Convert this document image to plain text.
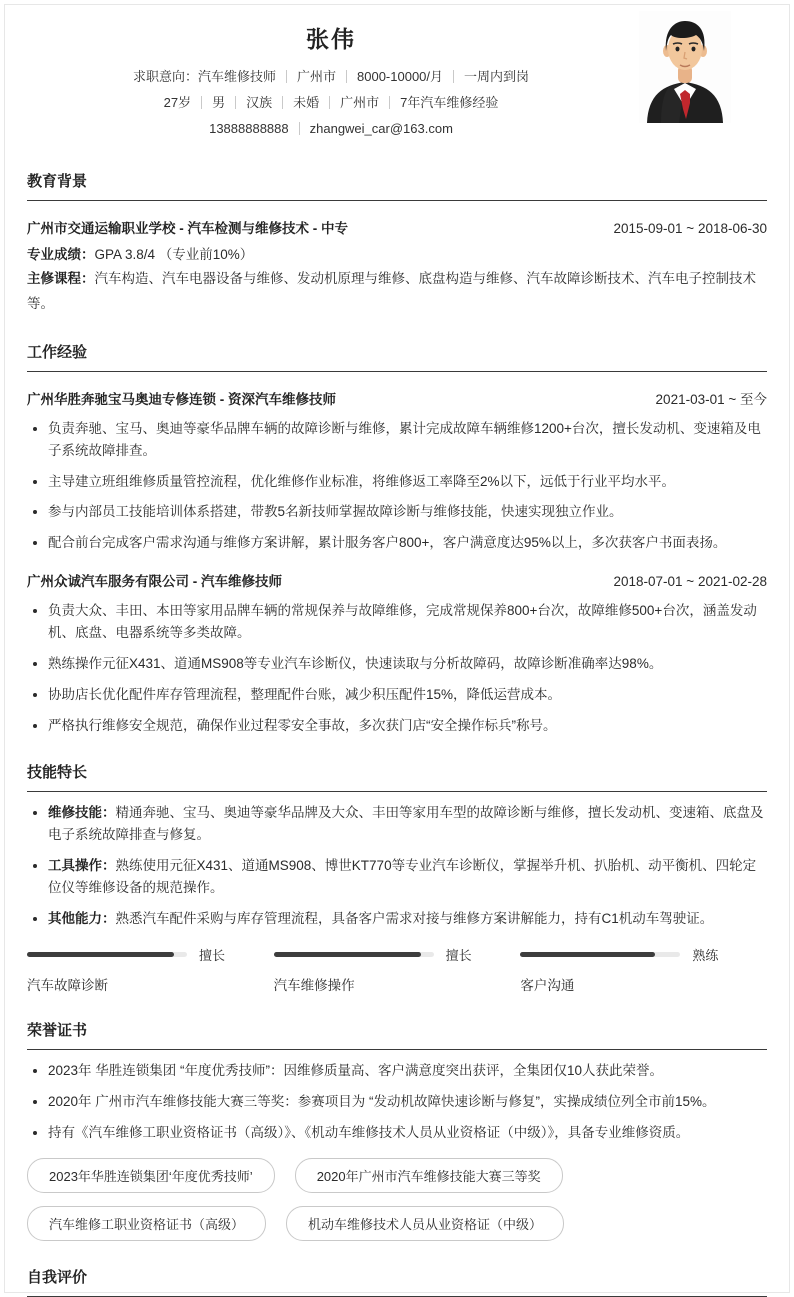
张伟
求职意向：汽车维修技师 广州市 8000-10000/月 一周内到岗
27岁 男 汉族 未婚 广州市 7年汽车维修经验
13888888888 zhangwei_car@163.com
教育背景
广州市交通运输职业学校 - 汽车检测与维修技术 - 中专	2015-09-01 ~ 2018-06-30

专业成绩：GPA 3.8/4 （专业前10%）

主修课程：汽车构造、汽车电器设备与维修、发动机原理与维修、底盘构造与维修、汽车故障诊断技术、汽车电子控制技术等。

工作经验
广州华胜奔驰宝马奥迪专修连锁 - 资深汽车维修技师	2021-03-01 ~ 至今
• 负责奔驰、宝马、奥迪等豪华品牌车辆的故障诊断与维修，累计完成故障车辆维修1200+台次，擅长发动机、变速箱及电子系统故障排查。
• 主导建立班组维修质量管控流程，优化维修作业标准，将维修返工率降至2%以下，远低于行业平均水平。
• 参与内部员工技能培训体系搭建，带教5名新技师掌握故障诊断与维修技能，快速实现独立作业。
• 配合前台完成客户需求沟通与维修方案讲解，累计服务客户800+，客户满意度达95%以上，多次获客户书面表扬。
广州众诚汽车服务有限公司 - 汽车维修技师	2018-07-01 ~ 2021-02-28
• 负责大众、丰田、本田等家用品牌车辆的常规保养与故障维修，完成常规保养800+台次，故障维修500+台次，涵盖发动机、底盘、电器系统等多类故障。
• 熟练操作元征X431、道通MS908等专业汽车诊断仪，快速读取与分析故障码，故障诊断准确率达98%。
• 协助店长优化配件库存管理流程，整理配件台账，减少积压配件15%，降低运营成本。
• 严格执行维修安全规范，确保作业过程零安全事故，多次获门店“安全操作标兵”称号。
技能特长
• 维修技能：精通奔驰、宝马、奥迪等豪华品牌及大众、丰田等家用车型的故障诊断与维修，擅长发动机、变速箱、底盘及电子系统故障排查与修复。
• 工具操作：熟练使用元征X431、道通MS908、博世KT770等专业汽车诊断仪，掌握举升机、扒胎机、动平衡机、四轮定位仪等维修设备的规范操作。
• 其他能力：熟悉汽车配件采购与库存管理流程，具备客户需求对接与维修方案讲解能力，持有C1机动车驾驶证。
擅长
汽车故障诊断
擅长
汽车维修操作
熟练
客户沟通
荣誉证书
• 2023年 华胜连锁集团 “年度优秀技师”：因维修质量高、客户满意度突出获评，全集团仅10人获此荣誉。
• 2020年 广州市汽车维修技能大赛三等奖：参赛项目为 “发动机故障快速诊断与修复”，实操成绩位列全市前15%。
• 持有《汽车维修工职业资格证书（高级）》、《机动车维修技术人员从业资格证（中级）》，具备专业维修资质。
2023年华胜连锁集团‘年度优秀技师’	2020年广州市汽车维修技能大赛三等奖
汽车维修工职业资格证书（高级）	机动车维修技术人员从业资格证（中级）
自我评价
